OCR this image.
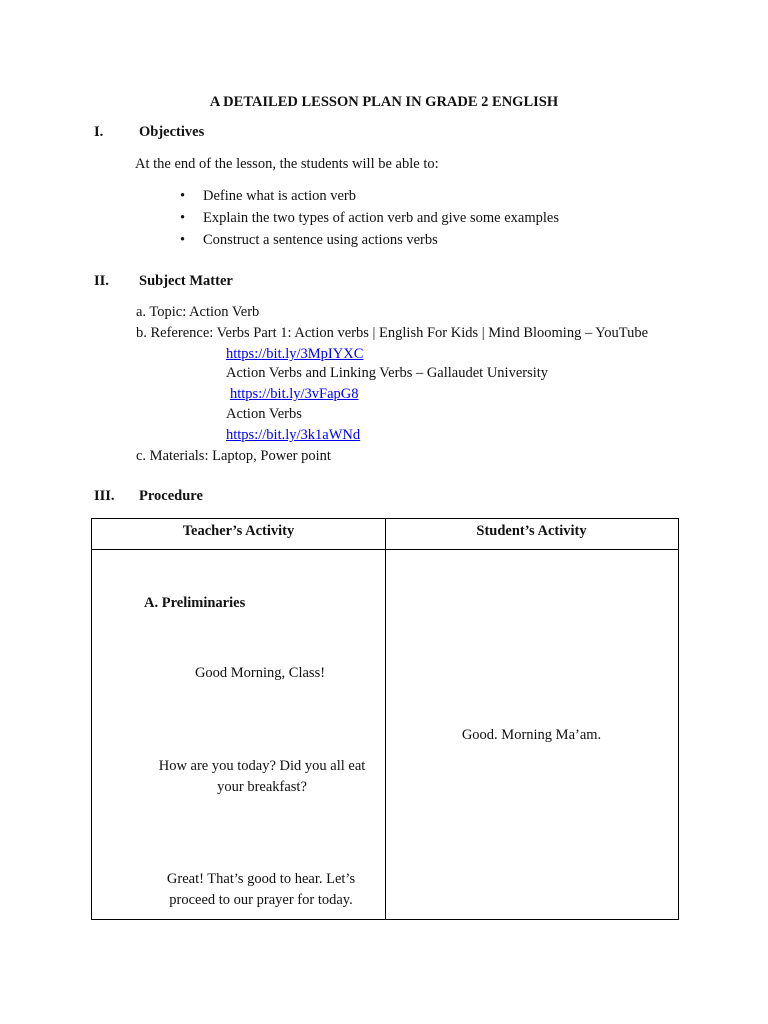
A DETAILED LESSON PLAN IN GRADE 2 ENGLISH
I. Objectives
At the end of the lesson, the students will be able to:
• Define what is action verb
• Explain the two types of action verb and give some examples
• Construct a sentence using actions verbs
II. Subject Matter
a. Topic: Action Verb
b. Reference: Verbs Part 1: Action verbs | English For Kids | Mind Blooming – YouTube
https://bit.ly/3MpIYXC
Action Verbs and Linking Verbs – Gallaudet University
https://bit.ly/3vFapG8
Action Verbs
https://bit.ly/3k1aWNd
c. Materials: Laptop, Power point
III. Procedure
Teacher’s Activity	Student’s Activity
A. Preliminaries
Good Morning, Class!
How are you today? Did you all eat your breakfast?
Great! That’s good to hear. Let’s proceed to our prayer for today.
Good. Morning Ma’am.
